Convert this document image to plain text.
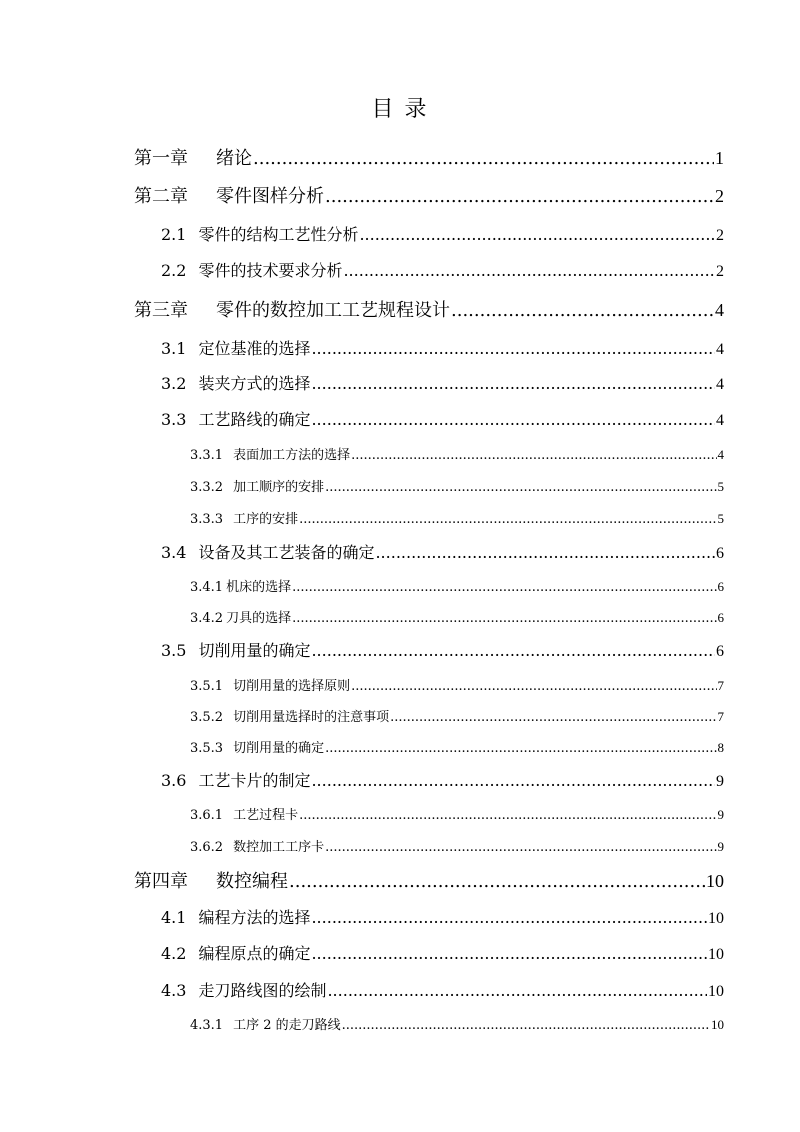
目 录
第一章 绪论 .....	1
第二章 零件图样分析 .....	2
2.1 零件的结构工艺性分析 .....	2
2.2 零件的技术要求分析 .....	2
第三章 零件的数控加工工艺规程设计 .....	4
3.1 定位基准的选择 .....	4
3.2 装夹方式的选择 .....	4
3.3 工艺路线的确定 .....	4
3.3.1 表面加工方法的选择 .....	4
3.3.2 加工顺序的安排 .....	5
3.3.3 工序的安排 .....	5
3.4 设备及其工艺装备的确定 .....	6
3.4.1 机床的选择 .....	6
3.4.2 刀具的选择 .....	6
3.5 切削用量的确定 .....	6
3.5.1 切削用量的选择原则 .....	7
3.5.2 切削用量选择时的注意事项 .....	7
3.5.3 切削用量的确定 .....	8
3.6 工艺卡片的制定 .....	9
3.6.1 工艺过程卡 .....	9
3.6.2 数控加工工序卡 .....	9
第四章 数控编程 .....	10
4.1 编程方法的选择 .....	10
4.2 编程原点的确定 .....	10
4.3 走刀路线图的绘制 .....	10
4.3.1 工序 2 的走刀路线 .....	10
